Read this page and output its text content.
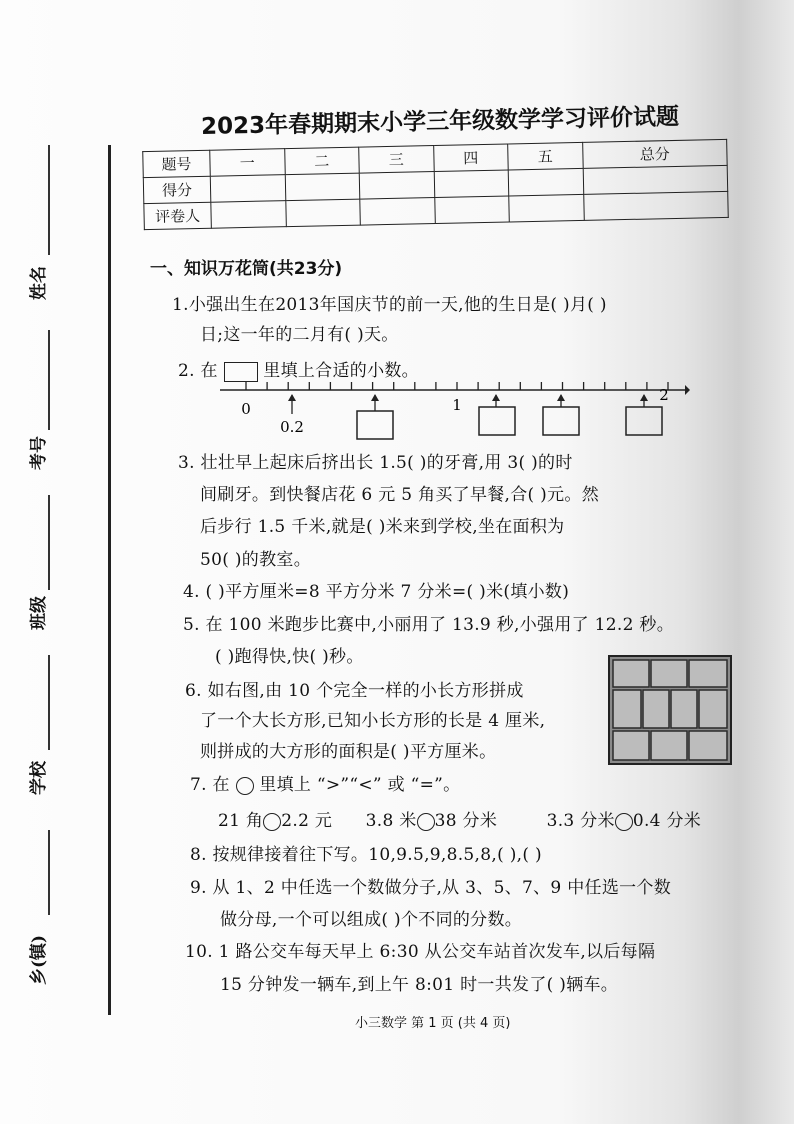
姓名
考号
班级
学校
乡(镇)
2023年春期期末小学三年级数学学习评价试题
题号	一	二	三	四	五	总分
得分						
评卷人						
一、知识万花筒(共23分)
1.小强出生在2013年国庆节的前一天,他的生日是( )月( )
日;这一年的二月有( )天。
2. 在	里填上合适的小数。
0
0.2
1
2
3. 壮壮早上起床后挤出长 1.5( )的牙膏,用 3( )的时
间刷牙。到快餐店花 6 元 5 角买了早餐,合( )元。然
后步行 1.5 千米,就是( )米来到学校,坐在面积为
50( )的教室。
4. ( )平方厘米=8 平方分米 7 分米=( )米(填小数)
5. 在 100 米跑步比赛中,小丽用了 13.9 秒,小强用了 12.2 秒。
( )跑得快,快( )秒。
6. 如右图,由 10 个完全一样的小长方形拼成
了一个大长方形,已知小长方形的长是 4 厘米,
则拼成的大方形的面积是( )平方厘米。
7. 在 里填上 “>”“<” 或 “=”。
21 角 2.2 元 3.8 米 38 分米	3.3 分米 0.4 分米
8. 按规律接着往下写。10,9.5,9,8.5,8,( ),( )
9. 从 1、2 中任选一个数做分子,从 3、5、7、9 中任选一个数
做分母,一个可以组成( )个不同的分数。
10. 1 路公交车每天早上 6:30 从公交车站首次发车,以后每隔
15 分钟发一辆车,到上午 8:01 时一共发了( )辆车。
小三数学 第 1 页 (共 4 页)
